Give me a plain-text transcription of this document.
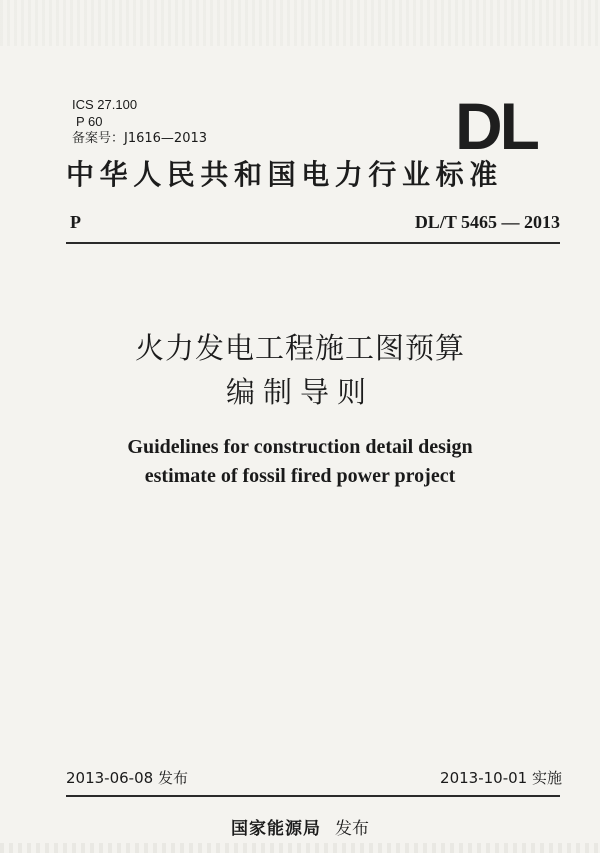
ICS 27.100
P 60
备案号：J1616—2013	DL
中华人民共和国电力行业标准
P	DL/T 5465 — 2013
火力发电工程施工图预算
编制导则
Guidelines for construction detail design
estimate of fossil fired power project
2013-06-08 发布	2013-10-01 实施
国家能源局 发布
